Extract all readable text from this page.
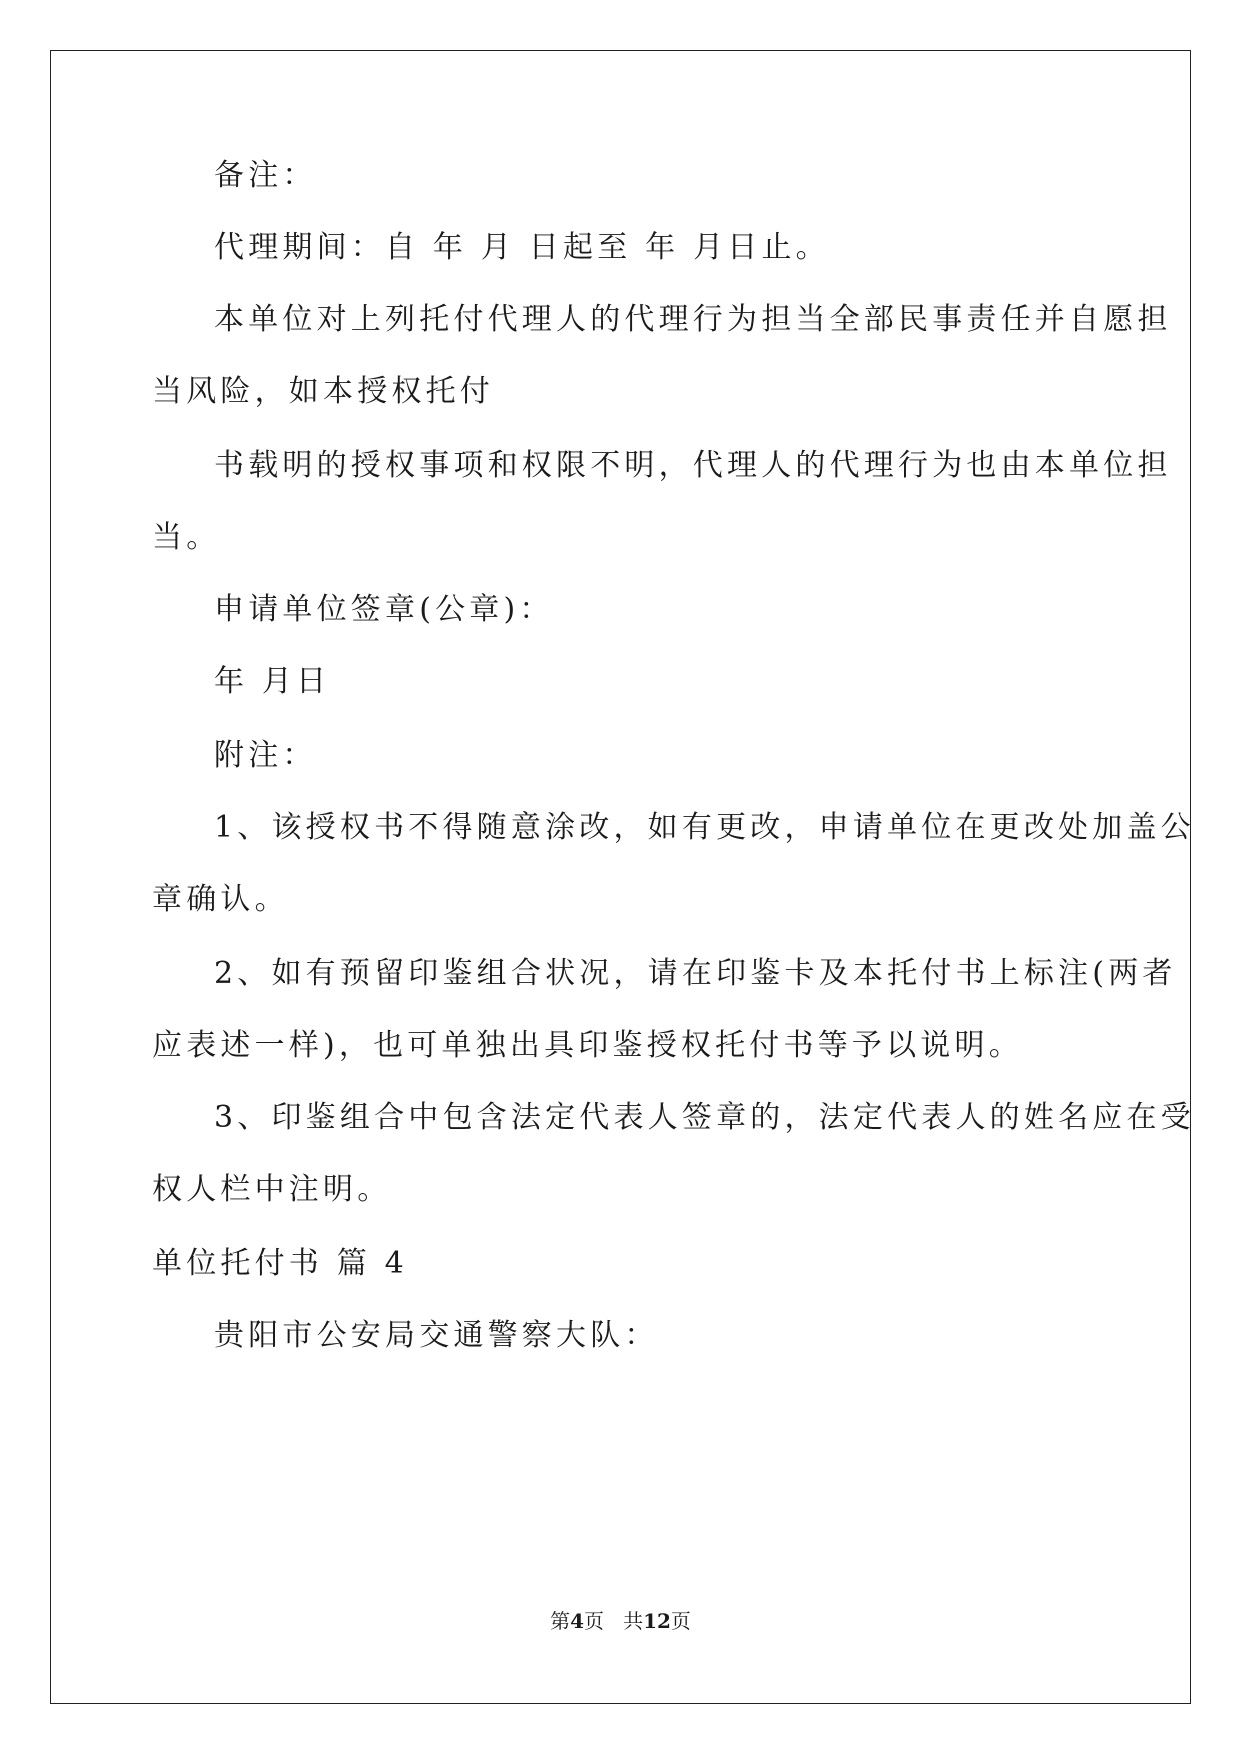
备注：
代理期间：自 年 月 日起至 年 月日止。
本单位对上列托付代理人的代理行为担当全部民事责任并自愿担
当风险，如本授权托付
书载明的授权事项和权限不明，代理人的代理行为也由本单位担
当。
申请单位签章(公章)：
年 月日
附注：
1、该授权书不得随意涂改，如有更改，申请单位在更改处加盖公
章确认。
2、如有预留印鉴组合状况，请在印鉴卡及本托付书上标注(两者
应表述一样)，也可单独出具印鉴授权托付书等予以说明。
3、印鉴组合中包含法定代表人签章的，法定代表人的姓名应在受
权人栏中注明。
单位托付书 篇 4
贵阳市公安局交通警察大队：
第4页 共12页
